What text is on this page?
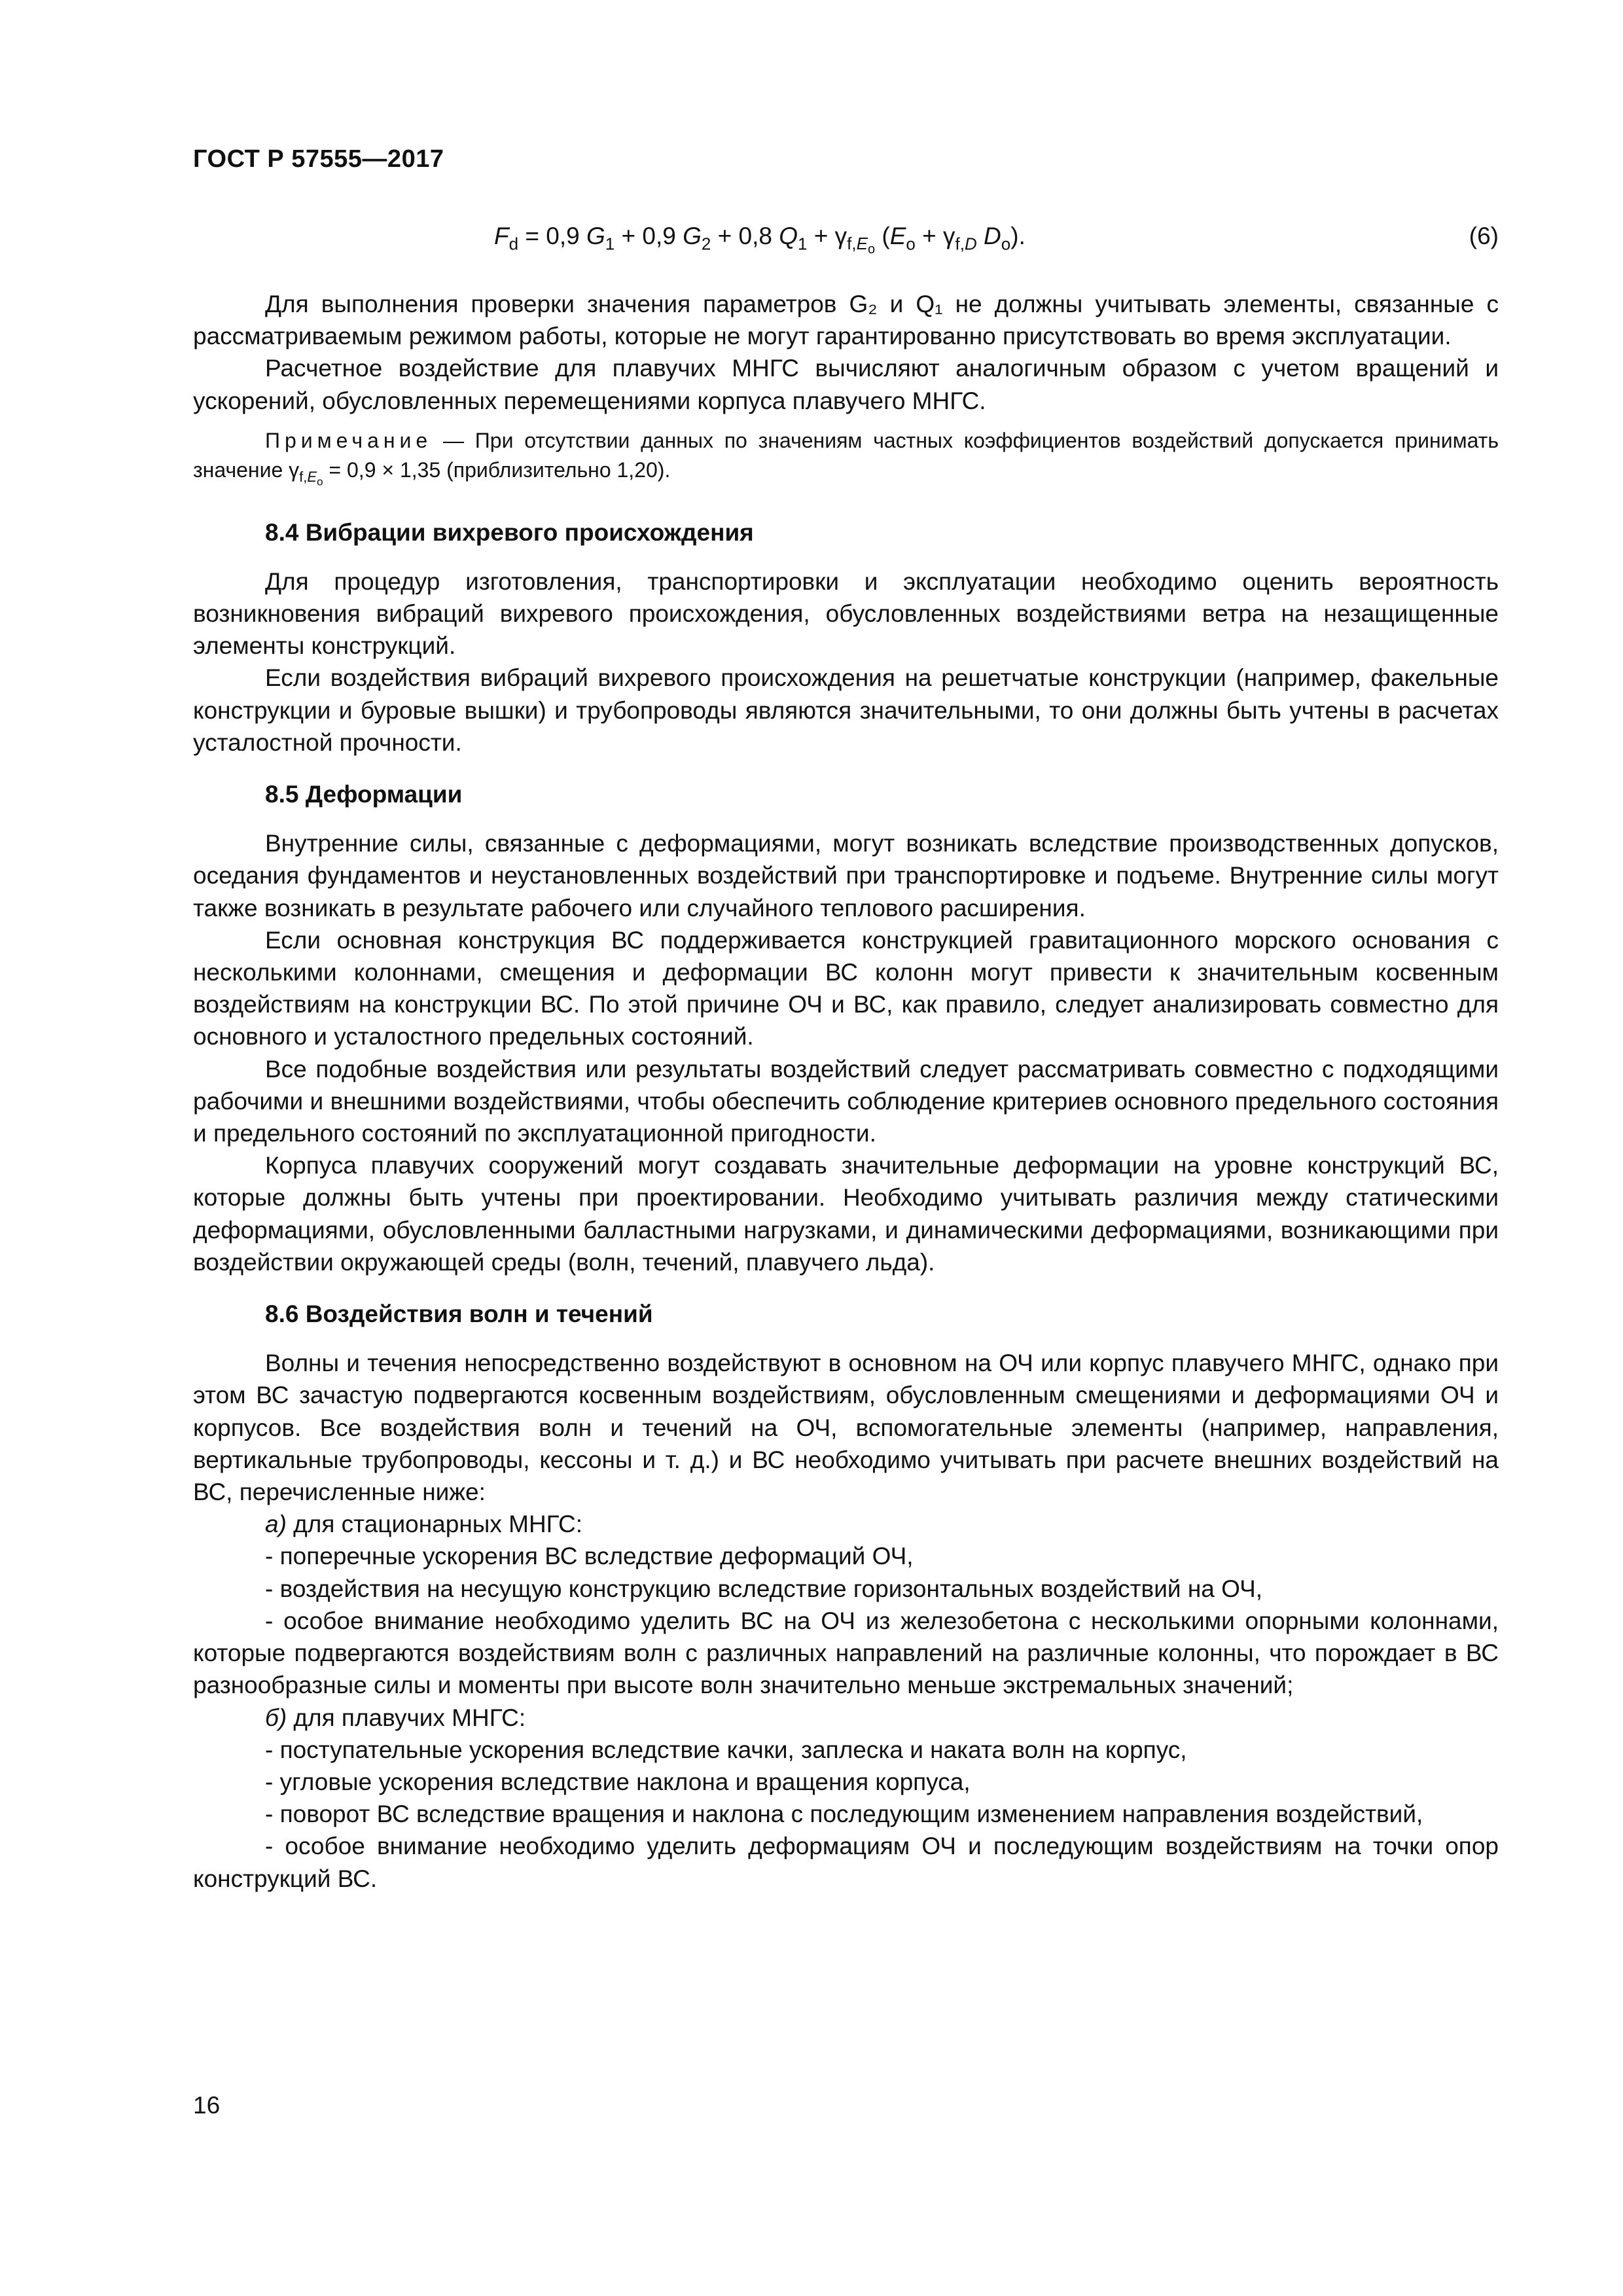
ГОСТ Р 57555—2017
$F_d = 0,9$ $G_1 + 0,9$ $G_2 + 0,8$ $Q_1 + \gamma_{f,E_o}$ ($E_o + \gamma_{f,D}$ $D_o$).	(6)

Для выполнения проверки значения параметров G₂ и Q₁ не должны учитывать элементы, связанные с рассматриваемым режимом работы, которые не могут гарантированно присутствовать во время эксплуатации.

Расчетное воздействие для плавучих МНГС вычисляют аналогичным образом с учетом вращений и ускорений, обусловленных перемещениями корпуса плавучего МНГС.

Примечание — При отсутствии данных по значениям частных коэффициентов воздействий допускается принимать значение $\gamma_{f,E_o} = 0,9 \times 1,35$ (приблизительно 1,20).

8.4 Вибрации вихревого происхождения

Для процедур изготовления, транспортировки и эксплуатации необходимо оценить вероятность возникновения вибраций вихревого происхождения, обусловленных воздействиями ветра на незащищенные элементы конструкций.

Если воздействия вибраций вихревого происхождения на решетчатые конструкции (например, факельные конструкции и буровые вышки) и трубопроводы являются значительными, то они должны быть учтены в расчетах усталостной прочности.

8.5 Деформации

Внутренние силы, связанные с деформациями, могут возникать вследствие производственных допусков, оседания фундаментов и неустановленных воздействий при транспортировке и подъеме. Внутренние силы могут также возникать в результате рабочего или случайного теплового расширения.

Если основная конструкция ВС поддерживается конструкцией гравитационного морского основания с несколькими колоннами, смещения и деформации ВС колонн могут привести к значительным косвенным воздействиям на конструкции ВС. По этой причине ОЧ и ВС, как правило, следует анализировать совместно для основного и усталостного предельных состояний.

Все подобные воздействия или результаты воздействий следует рассматривать совместно с подходящими рабочими и внешними воздействиями, чтобы обеспечить соблюдение критериев основного предельного состояния и предельного состояний по эксплуатационной пригодности.

Корпуса плавучих сооружений могут создавать значительные деформации на уровне конструкций ВС, которые должны быть учтены при проектировании. Необходимо учитывать различия между статическими деформациями, обусловленными балластными нагрузками, и динамическими деформациями, возникающими при воздействии окружающей среды (волн, течений, плавучего льда).

8.6 Воздействия волн и течений

Волны и течения непосредственно воздействуют в основном на ОЧ или корпус плавучего МНГС, однако при этом ВС зачастую подвергаются косвенным воздействиям, обусловленным смещениями и деформациями ОЧ и корпусов. Все воздействия волн и течений на ОЧ, вспомогательные элементы (например, направления, вертикальные трубопроводы, кессоны и т. д.) и ВС необходимо учитывать при расчете внешних воздействий на ВС, перечисленные ниже:

а) для стационарных МНГС:

- поперечные ускорения ВС вследствие деформаций ОЧ,

- воздействия на несущую конструкцию вследствие горизонтальных воздействий на ОЧ,

- особое внимание необходимо уделить ВС на ОЧ из железобетона с несколькими опорными колоннами, которые подвергаются воздействиям волн с различных направлений на различные колонны, что порождает в ВС разнообразные силы и моменты при высоте волн значительно меньше экстремальных значений;

б) для плавучих МНГС:

- поступательные ускорения вследствие качки, заплеска и наката волн на корпус,

- угловые ускорения вследствие наклона и вращения корпуса,

- поворот ВС вследствие вращения и наклона с последующим изменением направления воздействий,

- особое внимание необходимо уделить деформациям ОЧ и последующим воздействиям на точки опор конструкций ВС.

16
